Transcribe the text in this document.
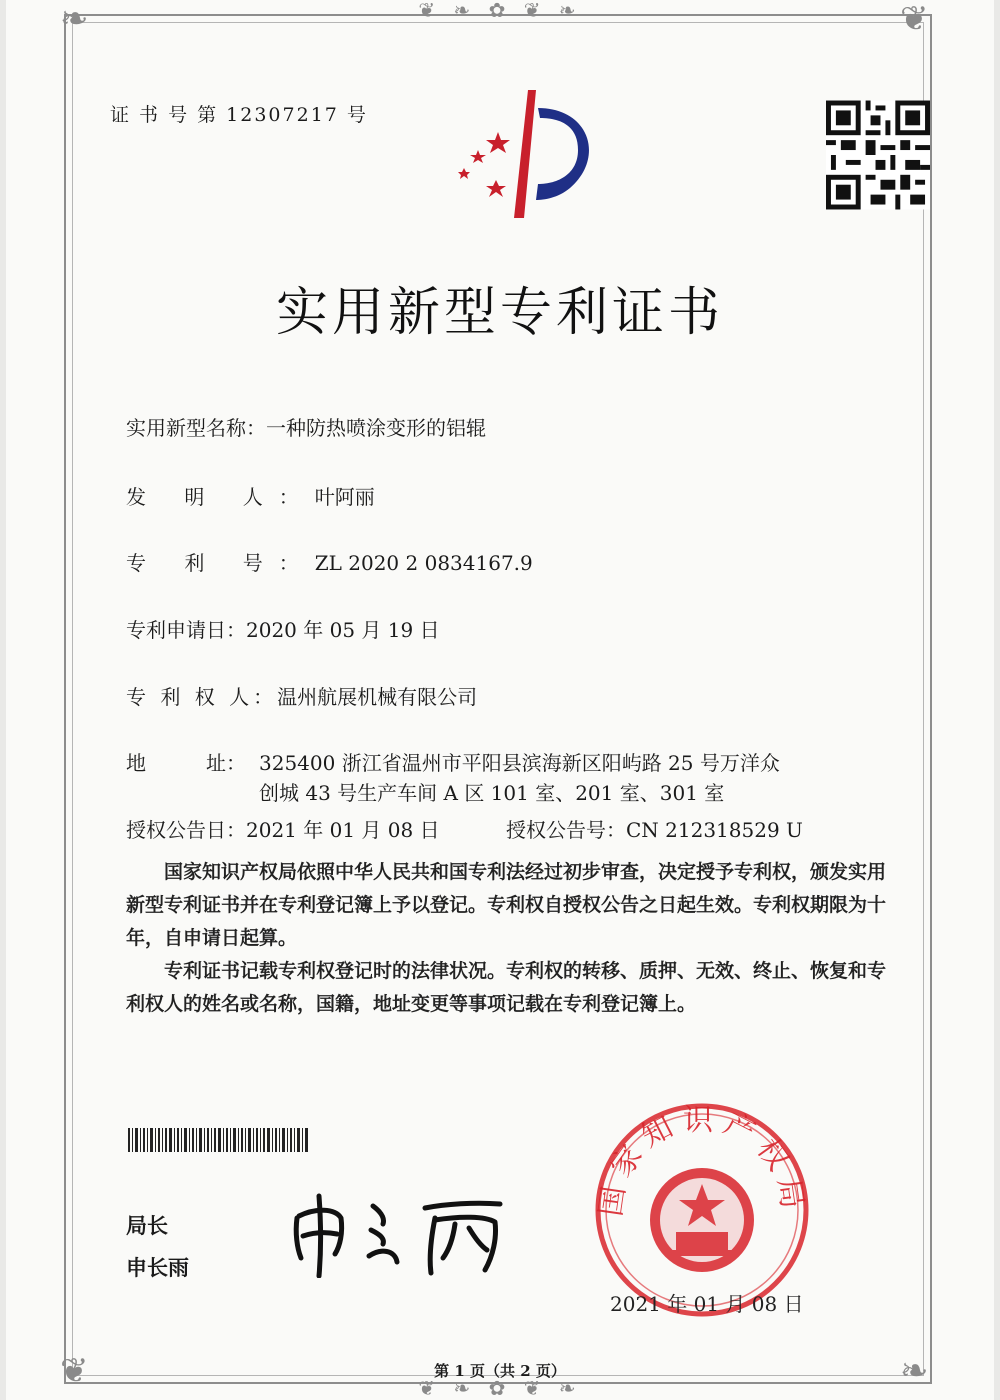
❦ ❧ ✿ ❦ ❧
❦ ❧ ✿ ❦ ❧
❧	❦
❦	❧
证 书 号 第 12307217 号
实用新型专利证书
实用新型名称：一种防热喷涂变形的铝辊
发 明 人：叶阿丽
专 利 号：ZL 2020 2 0834167.9
专利申请日：2020 年 05 月 19 日
专 利 权 人：温州航展机械有限公司
地　　　址： 325400 浙江省温州市平阳县滨海新区阳屿路 25 号万洋众
创城 43 号生产车间 A 区 101 室、201 室、301 室
授权公告日：2021 年 01 月 08 日	授权公告号：CN 212318529 U
国家知识产权局依照中华人民共和国专利法经过初步审查，决定授予专利权，颁发实用新型专利证书并在专利登记簿上予以登记。专利权自授权公告之日起生效。专利权期限为十年，自申请日起算。
专利证书记载专利权登记时的法律状况。专利权的转移、质押、无效、终止、恢复和专利权人的姓名或名称，国籍，地址变更等事项记载在专利登记簿上。
局长
申长雨
国家知识产权局
2021 年 01 月 08 日
第 1 页（共 2 页）
